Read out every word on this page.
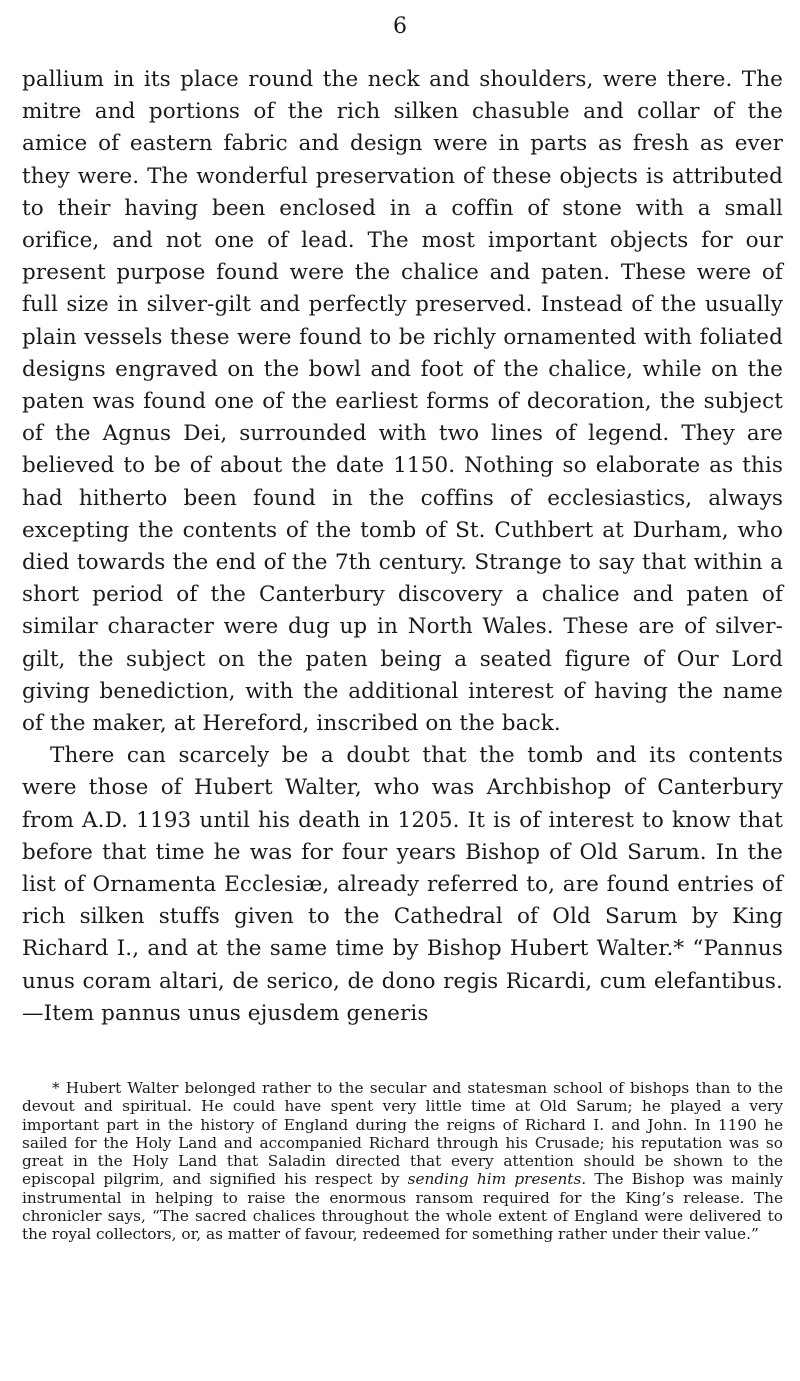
6

pallium in its place round the neck and shoulders, were there. The mitre and portions of the rich silken chasuble and collar of the amice of eastern fabric and design were in parts as fresh as ever they were. The wonderful preservation of these objects is attributed to their having been enclosed in a coffin of stone with a small orifice, and not one of lead. The most important objects for our present purpose found were the chalice and paten. These were of full size in silver-gilt and perfectly preserved. Instead of the usually plain vessels these were found to be richly ornamented with foliated designs engraved on the bowl and foot of the chalice, while on the paten was found one of the earliest forms of decoration, the subject of the Agnus Dei, surrounded with two lines of legend. They are believed to be of about the date 1150. Nothing so elaborate as this had hitherto been found in the coffins of ecclesiastics, always excepting the contents of the tomb of St. Cuthbert at Durham, who died towards the end of the 7th century. Strange to say that within a short period of the Canterbury discovery a chalice and paten of similar character were dug up in North Wales. These are of silver-gilt, the subject on the paten being a seated figure of Our Lord giving benediction, with the additional interest of having the name of the maker, at Hereford, inscribed on the back.

There can scarcely be a doubt that the tomb and its contents were those of Hubert Walter, who was Archbishop of Canterbury from A.D. 1193 until his death in 1205. It is of interest to know that before that time he was for four years Bishop of Old Sarum. In the list of Ornamenta Ecclesiæ, already referred to, are found entries of rich silken stuffs given to the Cathedral of Old Sarum by King Richard I., and at the same time by Bishop Hubert Walter.* “Pannus unus coram altari, de serico, de dono regis Ricardi, cum elefantibus.—Item pannus unus ejusdem generis

* Hubert Walter belonged rather to the secular and statesman school of bishops than to the devout and spiritual. He could have spent very little time at Old Sarum; he played a very important part in the history of England during the reigns of Richard I. and John. In 1190 he sailed for the Holy Land and accompanied Richard through his Crusade; his reputation was so great in the Holy Land that Saladin directed that every attention should be shown to the episcopal pilgrim, and signified his respect by sending him presents. The Bishop was mainly instrumental in helping to raise the enormous ransom required for the King’s release. The chronicler says, “The sacred chalices throughout the whole extent of England were delivered to the royal collectors, or, as matter of favour, redeemed for something rather under their value.”
